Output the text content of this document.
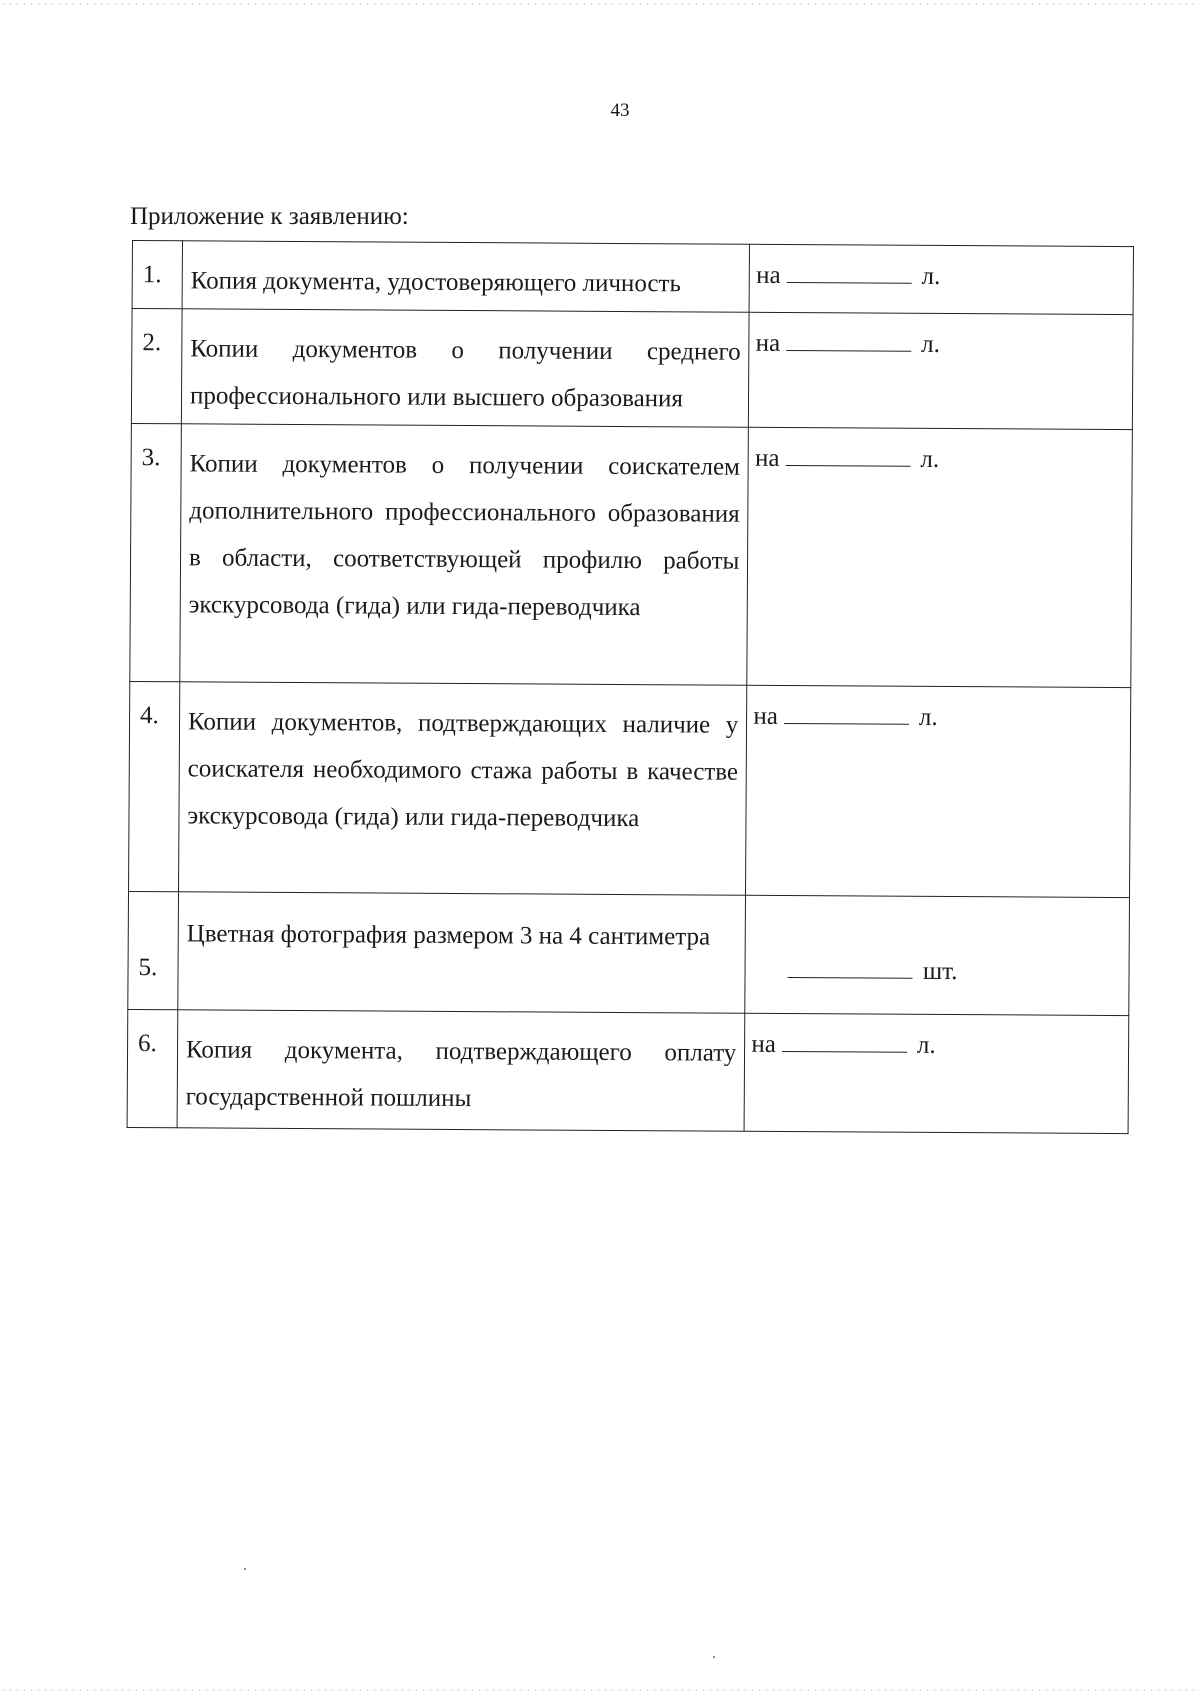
43
Приложение к заявлению:
1.	Копия документа, удостоверяющего личность	на л.
2.	Копии документов о получении среднего профессионального или высшего образования	на л.
3.	Копии документов о получении соискателем дополнительного профессионального образования в области, соответствующей профилю работы экскурсовода (гида) или гида-переводчика	на л.
4.	Копии документов, подтверждающих наличие у соискателя необходимого стажа работы в качестве экскурсовода (гида) или гида-переводчика	на л.
5.	Цветная фотография размером 3 на 4 сантиметра	шт.
6.	Копия документа, подтверждающего оплату государственной пошлины	на л.
